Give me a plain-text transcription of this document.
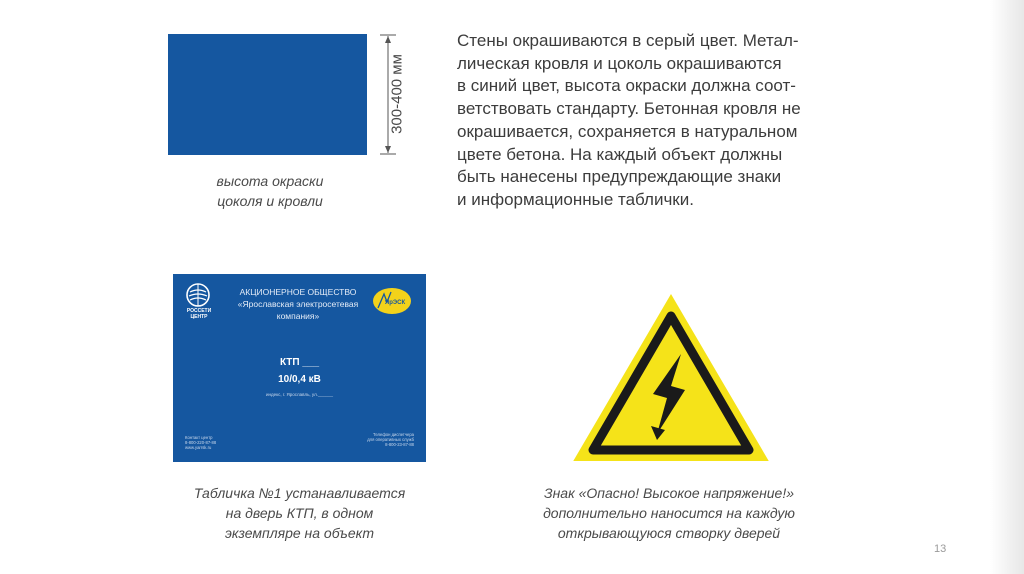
300-400 мм
высота окраски
цоколя и кровли
Стены окрашиваются в серый цвет. Метал-
лическая кровля и цоколь окрашиваются
в синий цвет, высота окраски должна соот-
ветствовать стандарту. Бетонная кровля не
окрашивается, сохраняется в натуральном
цвете бетона. На каждый объект должны
быть нанесены предупреждающие знаки
и информационные таблички.
РОССЕТИ
ЦЕНТР
АКЦИОНЕРНОЕ ОБЩЕСТВО
«Ярославская электросетевая
компания»
ЯрЭСК
КТП ___
10/0,4 кВ
индекс, г. Ярославль, ул.______
Контакт центр
8-800-220-87-88
www.yarrsk.ru
Телефон диспетчера
для оперативных служб
8-800-23-87-88
Табличка №1 устанавливается
на дверь КТП, в одном
экземпляре на объект
Знак «Опасно! Высокое напряжение!»
дополнительно наносится на каждую
открывающуюся створку дверей
13
